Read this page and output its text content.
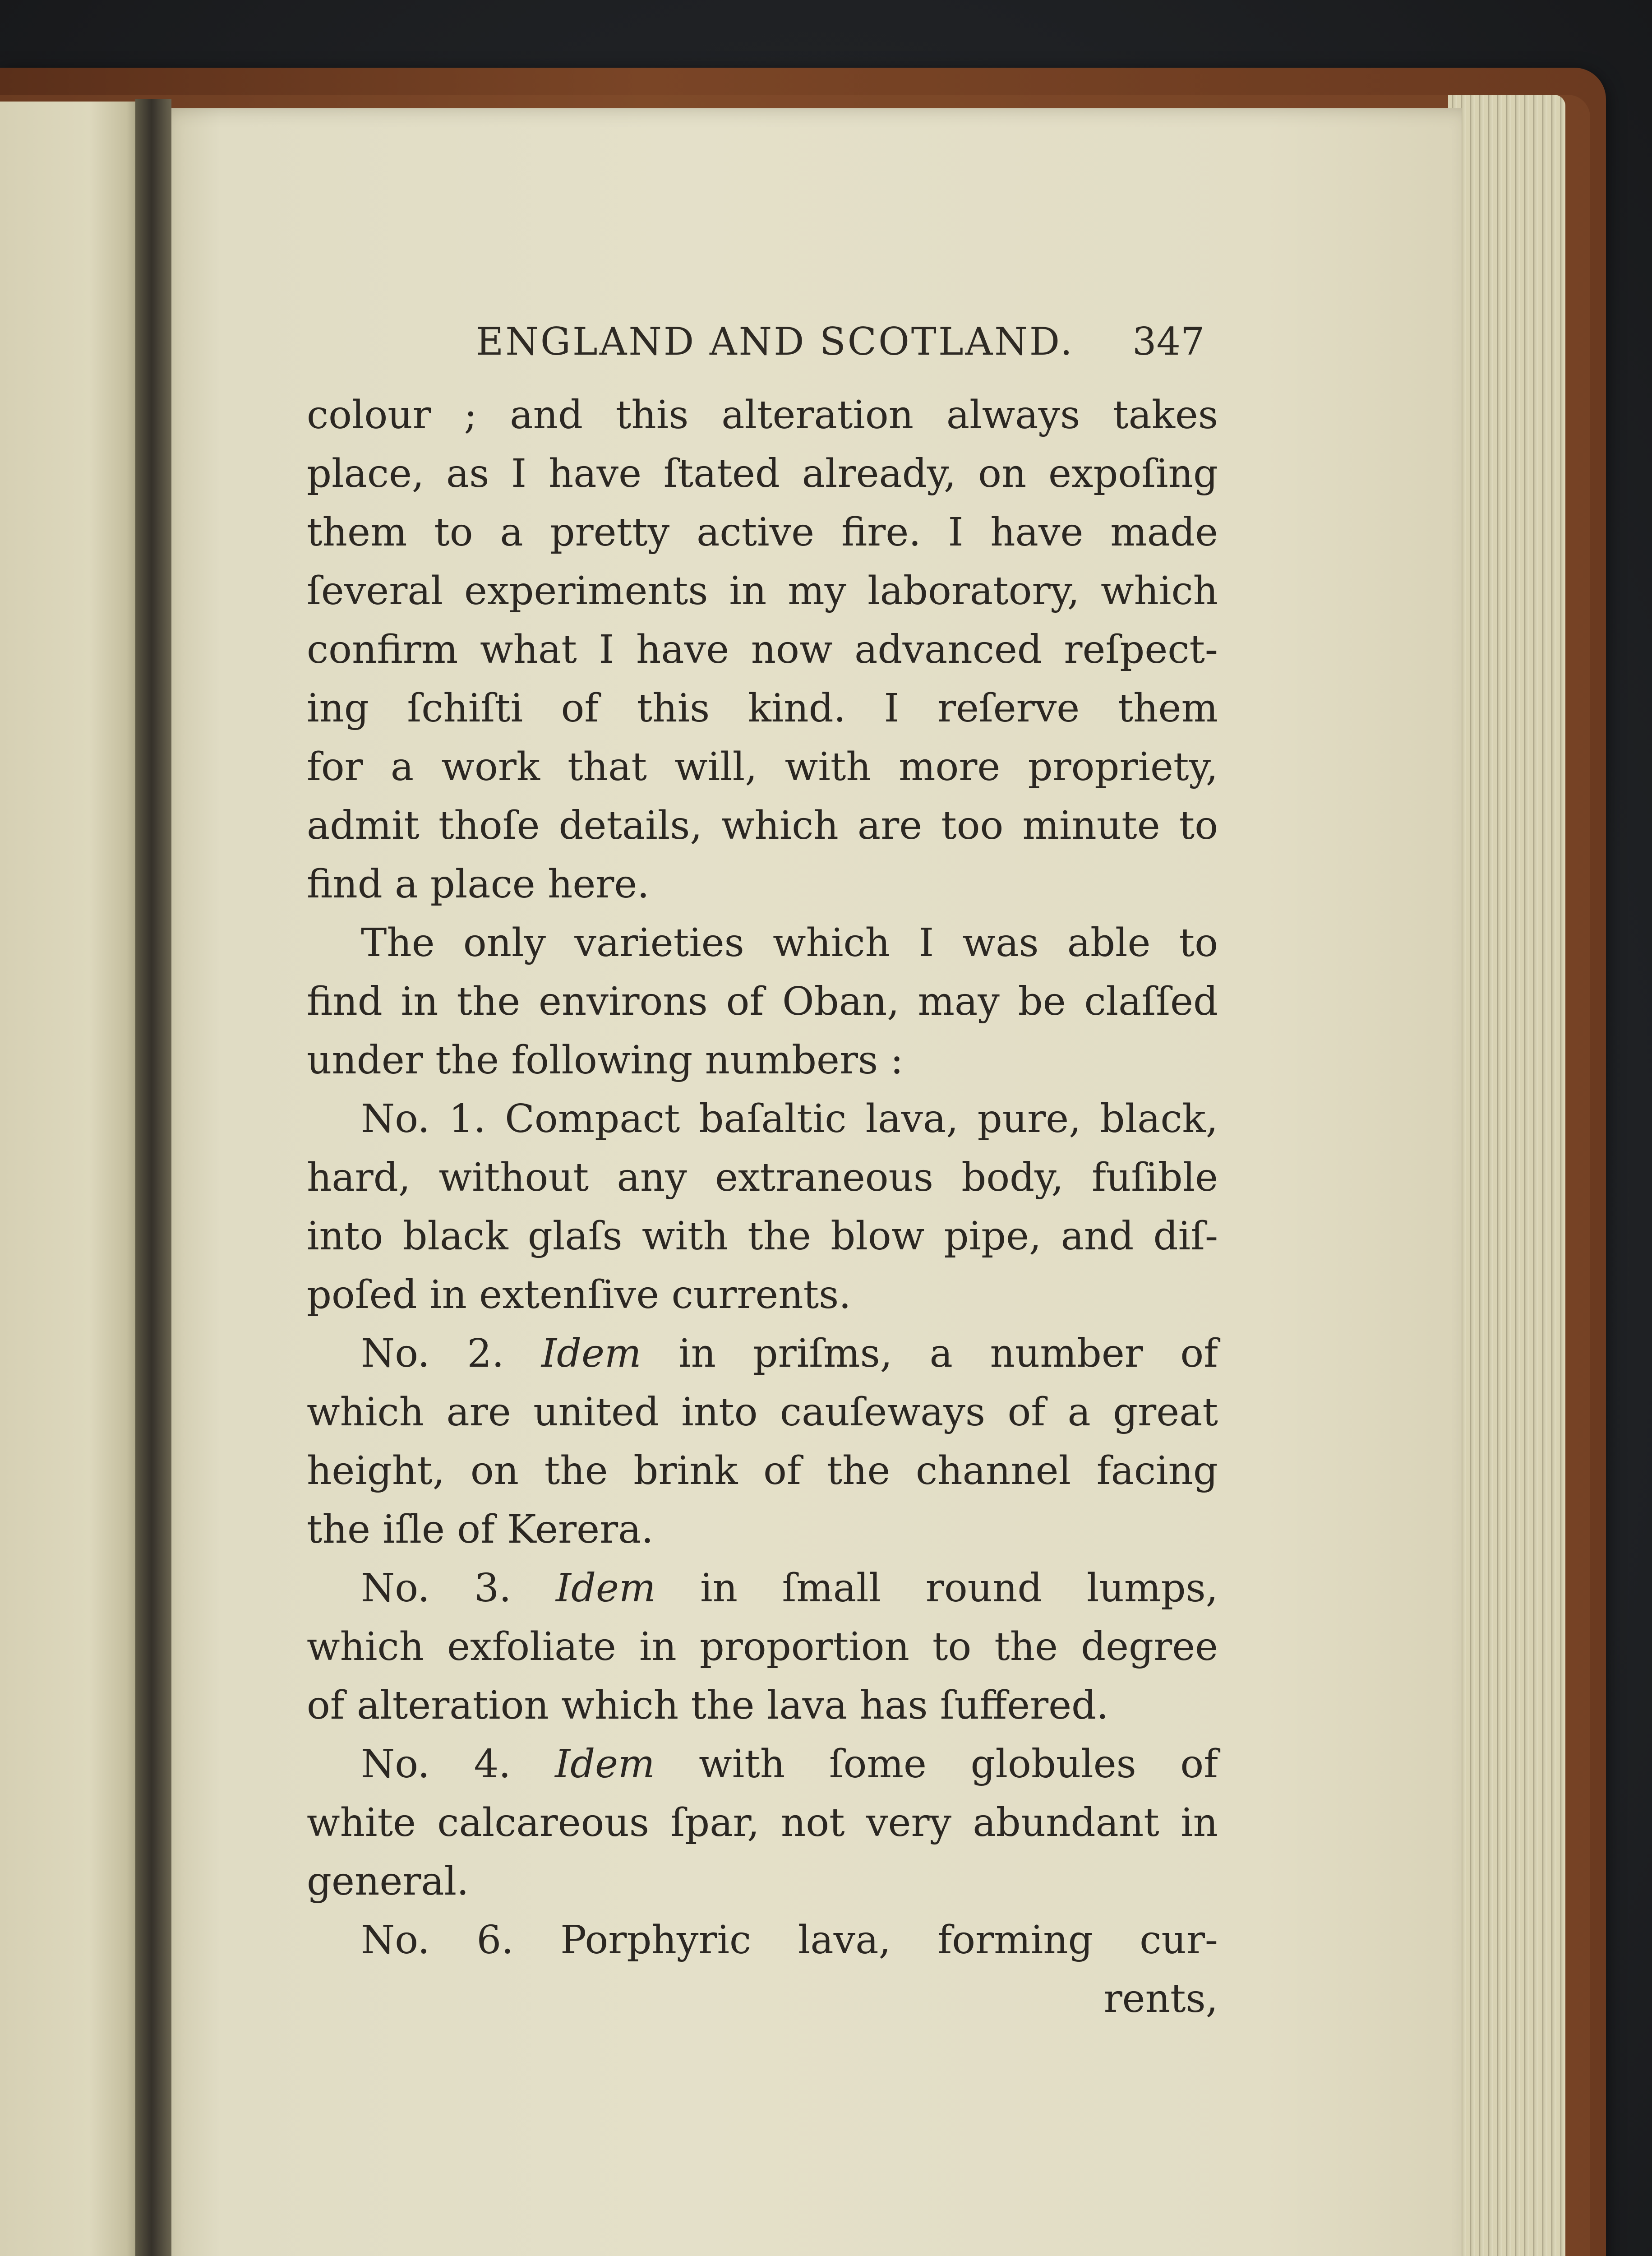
ENGLAND AND SCOTLAND. 347
colour ; and this alteration always takes
place, as I have ſtated already, on expoſing
them to a pretty active fire. I have made
ſeveral experiments in my laboratory, which
confirm what I have now advanced reſpect-
ing ſchiſti of this kind. I reſerve them
for a work that will, with more propriety,
admit thoſe details, which are too minute to
find a place here.
The only varieties which I was able to
find in the environs of Oban, may be claſſed
under the following numbers :
No. 1. Compact baſaltic lava, pure, black,
hard, without any extraneous body, fuſible
into black glaſs with the blow pipe, and diſ-
poſed in extenſive currents.
No. 2. Idem in priſms, a number of
which are united into cauſeways of a great
height, on the brink of the channel facing
the iſle of Kerera.
No. 3. Idem in ſmall round lumps,
which exfoliate in proportion to the degree
of alteration which the lava has ſuffered.
No. 4. Idem with ſome globules of
white calcareous ſpar, not very abundant in
general.
No. 6. Porphyric lava, forming cur-
rents,
